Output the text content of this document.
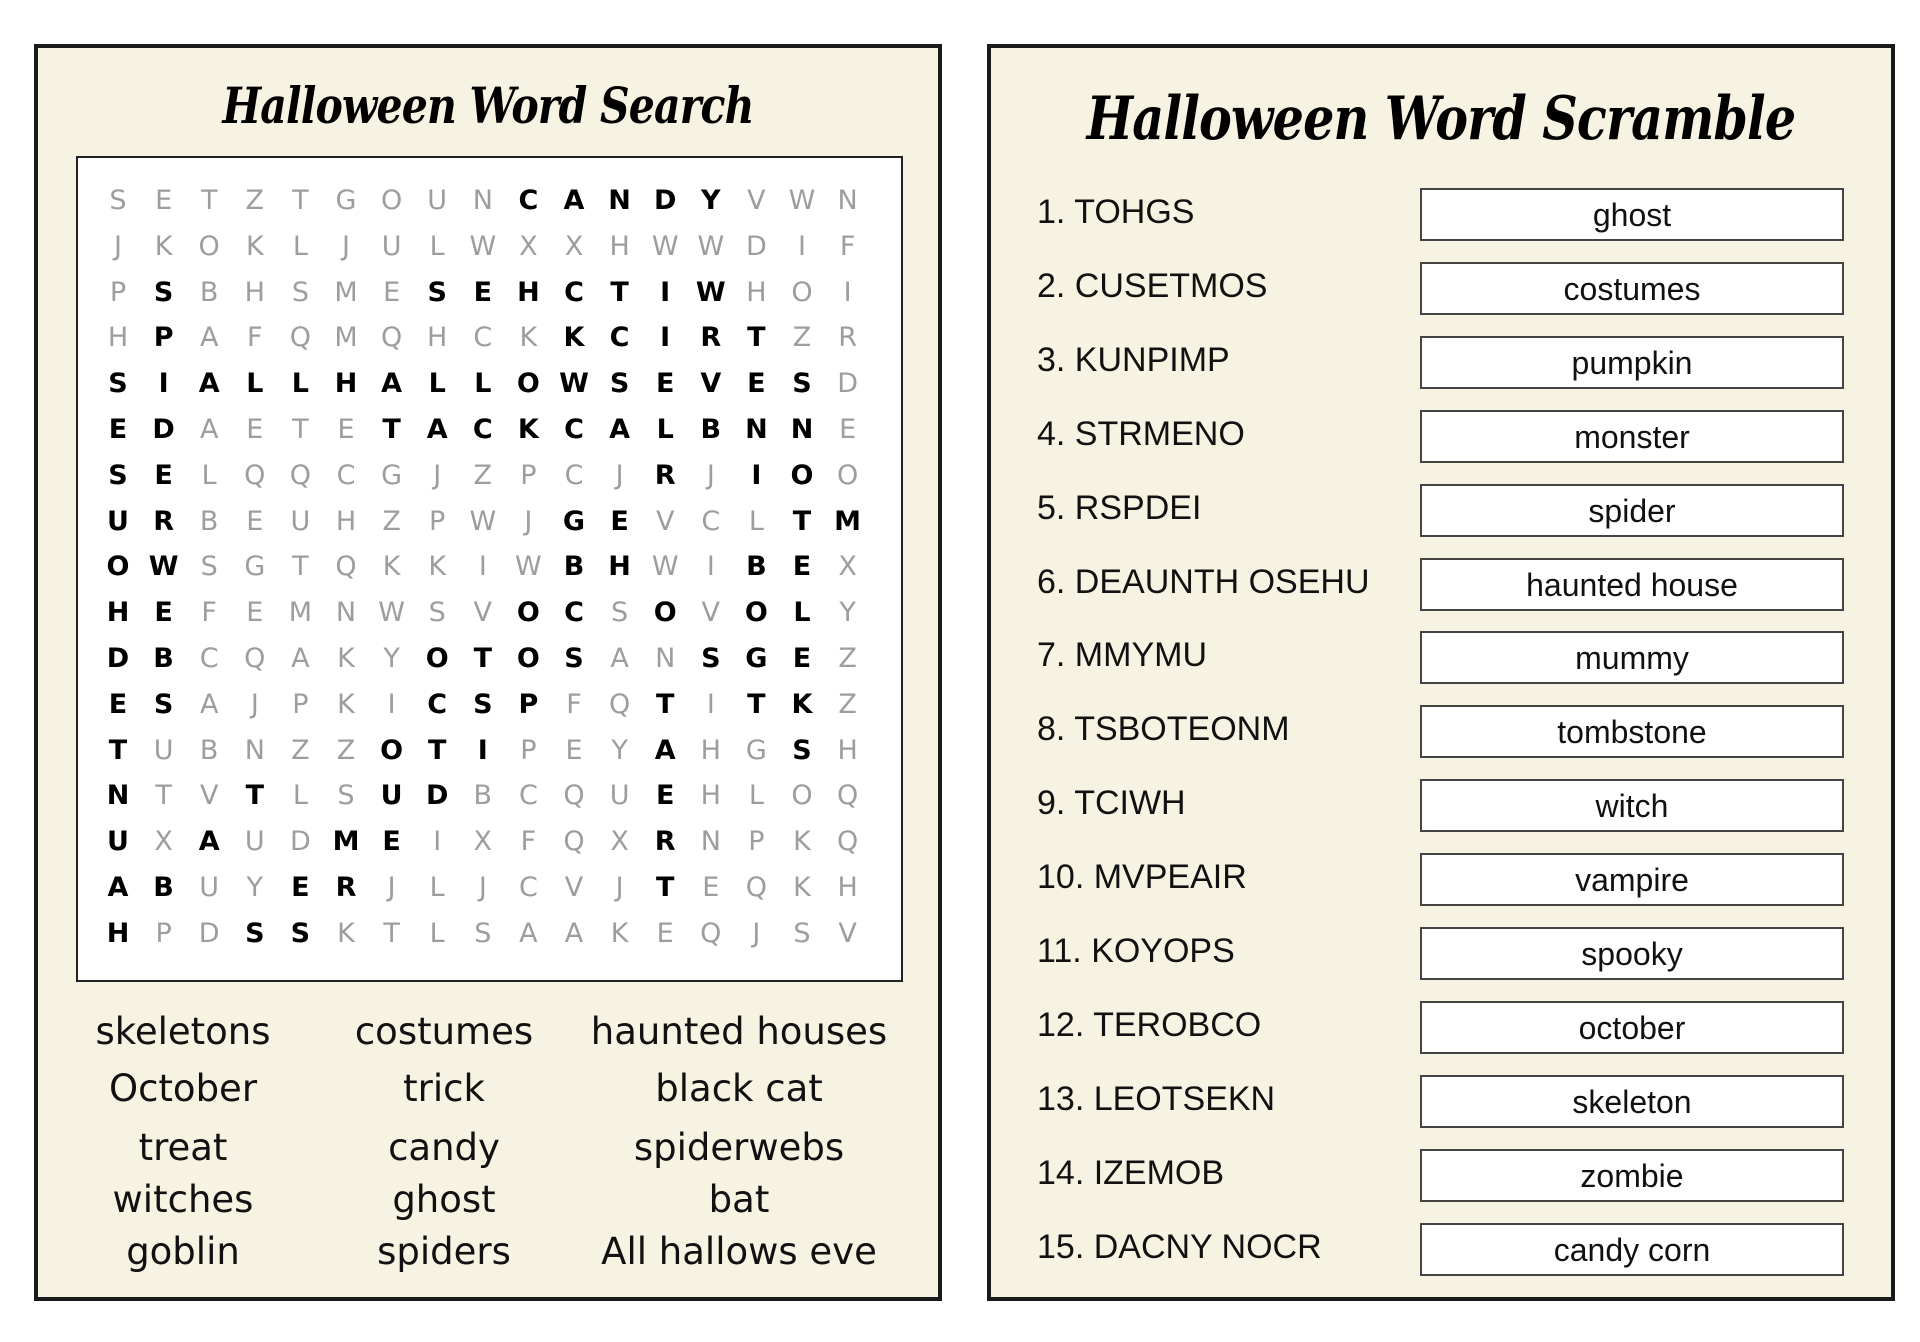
Halloween Word Search
S	E	T	Z	T G O U N C A N D Y V W N
J	K O K	L	J	U	L W X	X H W W D	I	F
P	S B H S M E	S E H C T	I W H O	I
H P A	F	Q M Q H C	K K C	I	R T	Z R
S	I	A L	L H A L	L O W S E V E S D
E D A	E	T	E	T A C K C A L B N N E
S E	L	Q Q C G	J	Z	P	C	J	R	J	I	O O
U R B	E	U H Z	P W	J	G E	V C	L	T M
O W S G T Q K	K	I	W B H W	I	B E	X
H E	F	E M N W S	V O C	S O V O L	Y
D B C Q A	K	Y O T O S A N S G E	Z
E S A	J	P	K	I	C S P	F	Q T	I	T K Z
T U B N Z	Z O T	I	P	E	Y A H G S H
N T	V	T	L	S U D B C Q U E H	L	O Q
U X A U D M E	I	X	F	Q X R N	P	K Q
A B U	Y	E R	J	L	J	C V	J	T	E Q K H
H P	D S S	K	T	L	S	A	A	K	E Q	J	S	V
skeletons
October
treat
witches
goblin
costumes
trick
candy
ghost
spiders
haunted houses
black cat
spiderwebs
bat
All hallows eve
Halloween Word Scramble
1. TOHGS	ghost
2. CUSETMOS	costumes
3. KUNPIMP	pumpkin
4. STRMENO	monster
5. RSPDEI	spider
6. DEAUNTH OSEHU	haunted house
7. MMYMU	mummy
8. TSBOTEONM	tombstone
9. TCIWH	witch
10. MVPEAIR	vampire
11. KOYOPS	spooky
12. TEROBCO	october
13. LEOTSEKN	skeleton
14. IZEMOB	zombie
15. DACNY NOCR	candy corn
